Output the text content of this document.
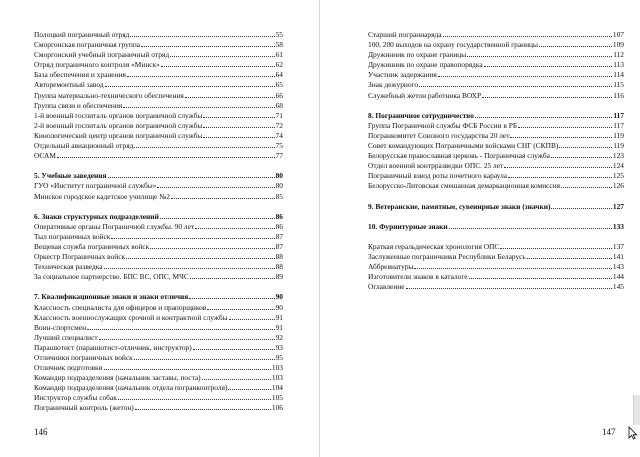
Полоцкий пограничный отряд	55
Сморгонская пограничная группа	58
Сморгонский учебный пограничный отряд	61
Отряд пограничного контроля «Минск»	62
База обеспечения и хранения	64
Авторемонтный завод	65
Группа материально-технического обеспечения	66
Группа связи и обеспечения	68
1-й военный госпиталь органов пограничной службы	71
2-й военный госпиталь органов пограничной службы	72
Кинологический центр органов пограничной службы	74
Отдельный авиационный отряд	75
ОСАМ	77
5. Учебные заведения	80
ГУО «Институт пограничной службы»	80
Минское городское кадетское училище №2	85
6. Знаки структурных подразделений	86
Оперативные органы Пограничной службы. 90 лет	86
Тыл пограничных войск	87
Вещевая служба пограничных войск	87
Оркестр Пограничных войск	88
Техническая разведка	88
За социальное партнерство. БПС ВС, ОПС, МЧС	89
7. Квалификационные знаки и знаки отличия	90
Классность специалиста для офицеров и прапорщиков	90
Классность военнослужащих срочной и контрактной службы	91
Воин-спортсмен	91
Лучший специалист	92
Парашютист (парашютист-отличник, инструктор)	93
Отличники пограничных войск	95
Отличник подготовки	103
Командир подразделения (начальник заставы, поста)	103
Командир подразделения (начальник отдела погранконтроля)	104
Инструктор службы собак	105
Пограничный контроль (жетон)	106
146
Старший пограннаряда	107
100, 200 выходов на охрану государственной границы	109
Дружинник по охране границы	112
Дружинник по охране правопорядка	113
Участник задержания	114
Знак дежурного	115
Служебный жетон работника ВОХР	116
8. Пограничное сотрудничество	117
Группа Пограничной службы ФСБ России в РБ	117
Погранкомитет Союзного государства 20 лет	119
Совет командующих Пограничными войсками СНГ (СКПВ)	119
Белорусская православная церковь - Пограничная служба	123
Отдел военной контрразведки ОПС. 25 лет	124
Пограничный взвод роты почетного караула	125
Белорусско-Литовская смешанная демаркационная комиссия	126
9. Ветеранские, памятные, сувенирные знаки (значки)	127
10. Фурнитурные знаки	133
Краткая геральдическая хронология ОПС	137
Заслуженные пограничники Республики Беларусь	141
Аббревиатуры	143
Изготовители знаков в каталоге	144
Оглавление	145
147
